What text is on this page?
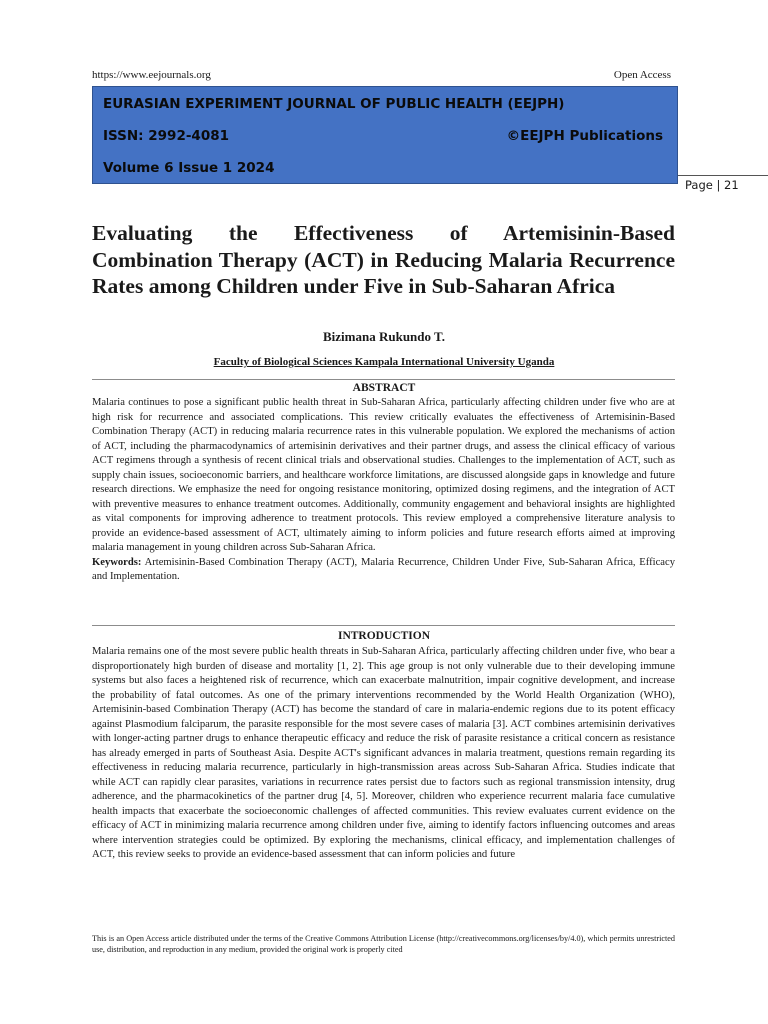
https://www.eejournals.org	Open Access
EURASIAN EXPERIMENT JOURNAL OF PUBLIC HEALTH (EEJPH)
ISSN: 2992-4081	©EEJPH Publications
Volume 6 Issue 1 2024
Page | 21
Evaluating the Effectiveness of Artemisinin-Based Combination Therapy (ACT) in Reducing Malaria Recurrence Rates among Children under Five in Sub-Saharan Africa
Bizimana Rukundo T.
Faculty of Biological Sciences Kampala International University Uganda
ABSTRACT

Malaria continues to pose a significant public health threat in Sub-Saharan Africa, particularly affecting children under five who are at high risk for recurrence and associated complications. This review critically evaluates the effectiveness of Artemisinin-Based Combination Therapy (ACT) in reducing malaria recurrence rates in this vulnerable population. We explored the mechanisms of action of ACT, including the pharmacodynamics of artemisinin derivatives and their partner drugs, and assess the clinical efficacy of various ACT regimens through a synthesis of recent clinical trials and observational studies. Challenges to the implementation of ACT, such as supply chain issues, socioeconomic barriers, and healthcare workforce limitations, are discussed alongside gaps in knowledge and future research directions. We emphasize the need for ongoing resistance monitoring, optimized dosing regimens, and the integration of ACT with preventive measures to enhance treatment outcomes. Additionally, community engagement and behavioral insights are highlighted as vital components for improving adherence to treatment protocols. This review employed a comprehensive literature analysis to provide an evidence-based assessment of ACT, ultimately aiming to inform policies and future research efforts aimed at improving malaria management in young children across Sub-Saharan Africa.

Keywords: Artemisinin-Based Combination Therapy (ACT), Malaria Recurrence, Children Under Five, Sub-Saharan Africa, Efficacy and Implementation.

INTRODUCTION

Malaria remains one of the most severe public health threats in Sub-Saharan Africa, particularly affecting children under five, who bear a disproportionately high burden of disease and mortality [1, 2]. This age group is not only vulnerable due to their developing immune systems but also faces a heightened risk of recurrence, which can exacerbate malnutrition, impair cognitive development, and increase the probability of fatal outcomes. As one of the primary interventions recommended by the World Health Organization (WHO), Artemisinin-based Combination Therapy (ACT) has become the standard of care in malaria-endemic regions due to its potent efficacy against Plasmodium falciparum, the parasite responsible for the most severe cases of malaria [3]. ACT combines artemisinin derivatives with longer-acting partner drugs to enhance therapeutic efficacy and reduce the risk of parasite resistance a critical concern as resistance has already emerged in parts of Southeast Asia. Despite ACT's significant advances in malaria treatment, questions remain regarding its effectiveness in reducing malaria recurrence, particularly in high-transmission areas across Sub-Saharan Africa. Studies indicate that while ACT can rapidly clear parasites, variations in recurrence rates persist due to factors such as regional transmission intensity, drug adherence, and the pharmacokinetics of the partner drug [4, 5]. Moreover, children who experience recurrent malaria face cumulative health impacts that exacerbate the socioeconomic challenges of affected communities. This review evaluates current evidence on the efficacy of ACT in minimizing malaria recurrence among children under five, aiming to identify factors influencing outcomes and areas where intervention strategies could be optimized. By exploring the mechanisms, clinical efficacy, and implementation challenges of ACT, this review seeks to provide an evidence-based assessment that can inform policies and future

This is an Open Access article distributed under the terms of the Creative Commons Attribution License (http://creativecommons.org/licenses/by/4.0), which permits unrestricted use, distribution, and reproduction in any medium, provided the original work is properly cited
